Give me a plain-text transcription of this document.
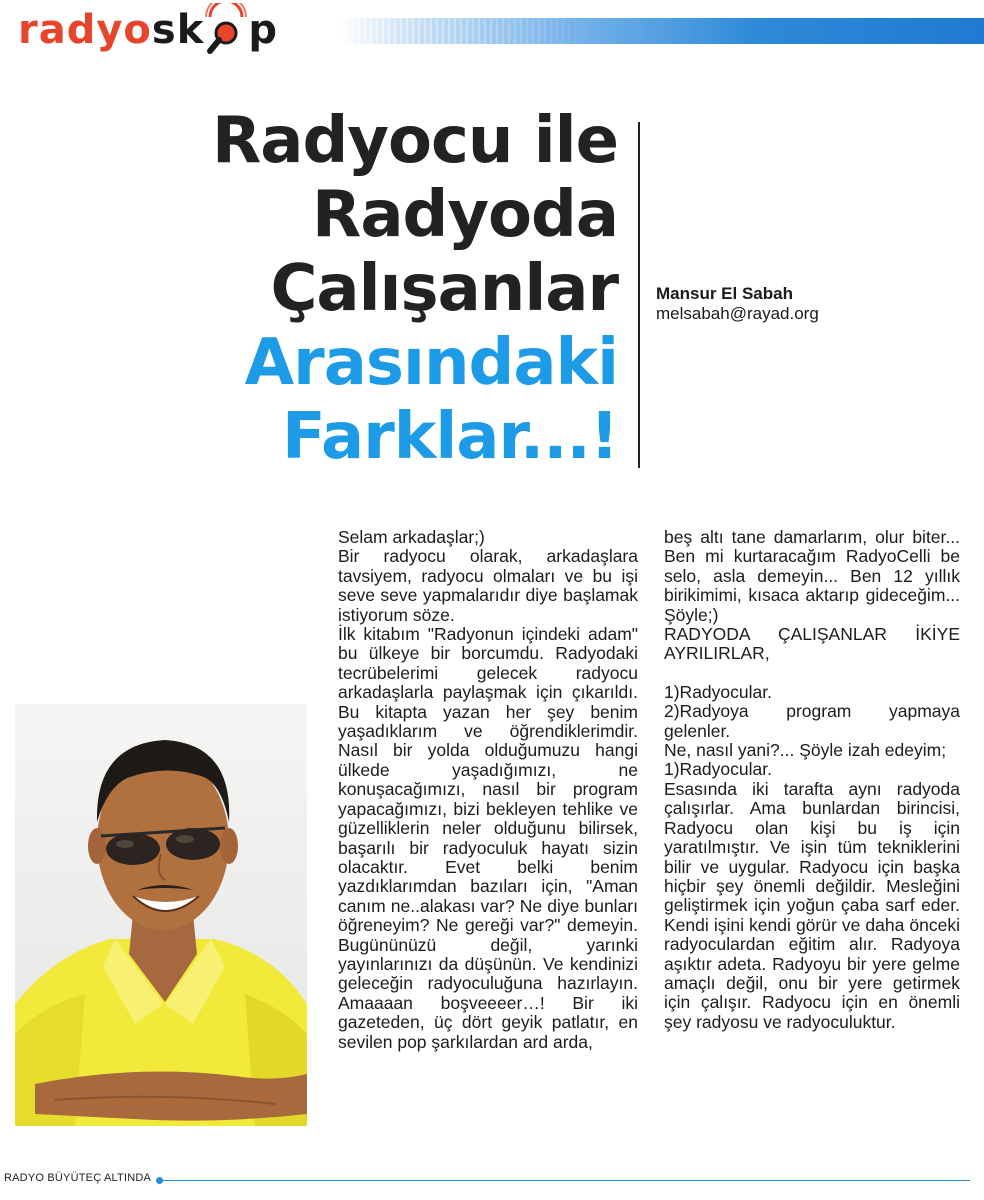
radyo sk p
Radyocu ile
Radyoda
Çalışanlar
Arasındaki
Farklar...!
Mansur El Sabah
melsabah@rayad.org

Selam arkadaşlar;)

Bir radyocu olarak, arkadaşlara tavsiyem, radyocu olmaları ve bu işi seve seve yapmalarıdır diye başlamak istiyorum söze.

İlk kitabım "Radyonun içindeki adam" bu ülkeye bir borcumdu. Radyodaki tecrübelerimi gelecek radyocu arkadaşlarla paylaşmak için çıkarıldı. Bu kitapta yazan her şey benim yaşadıklarım ve öğrendiklerimdir. Nasıl bir yolda olduğumuzu hangi ülkede yaşadığımızı, ne konuşacağımızı, nasıl bir program yapacağımızı, bizi bekleyen tehlike ve güzelliklerin neler olduğunu bilirsek, başarılı bir radyoculuk hayatı sizin olacaktır. Evet belki benim yazdıklarımdan bazıları için, "Aman canım ne..alakası var? Ne diye bunları öğreneyim? Ne gereği var?" demeyin. Bugününüzü değil, yarınki yayınlarınızı da düşünün. Ve kendinizi geleceğin radyoculuğuna hazırlayın. Amaaaan boşveeeer…! Bir iki gazeteden, üç dört geyik patlatır, en sevilen pop şarkılardan ard arda,

beş altı tane damarlarım, olur biter... Ben mi kurtaracağım RadyoCelli be selo, asla demeyin... Ben 12 yıllık birikimimi, kısaca aktarıp gideceğim... Şöyle;)

RADYODA ÇALIŞANLAR İKİYE AYRILIRLAR,

1)Radyocular.

2)Radyoya program yapmaya gelenler.

Ne, nasıl yani?... Şöyle izah edeyim;

1)Radyocular.

Esasında iki tarafta aynı radyoda çalışırlar. Ama bunlardan birincisi, Radyocu olan kişi bu iş için yaratılmıştır. Ve işin tüm tekniklerini bilir ve uygular. Radyocu için başka hiçbir şey önemli değildir. Mesleğini geliştirmek için yoğun çaba sarf eder. Kendi işini kendi görür ve daha önceki radyoculardan eğitim alır. Radyoya aşıktır adeta. Radyoyu bir yere gelme amaçlı değil, onu bir yere getirmek için çalışır. Radyocu için en önemli şey radyosu ve radyoculuktur.

RADYO BÜYÜTEÇ ALTINDA
